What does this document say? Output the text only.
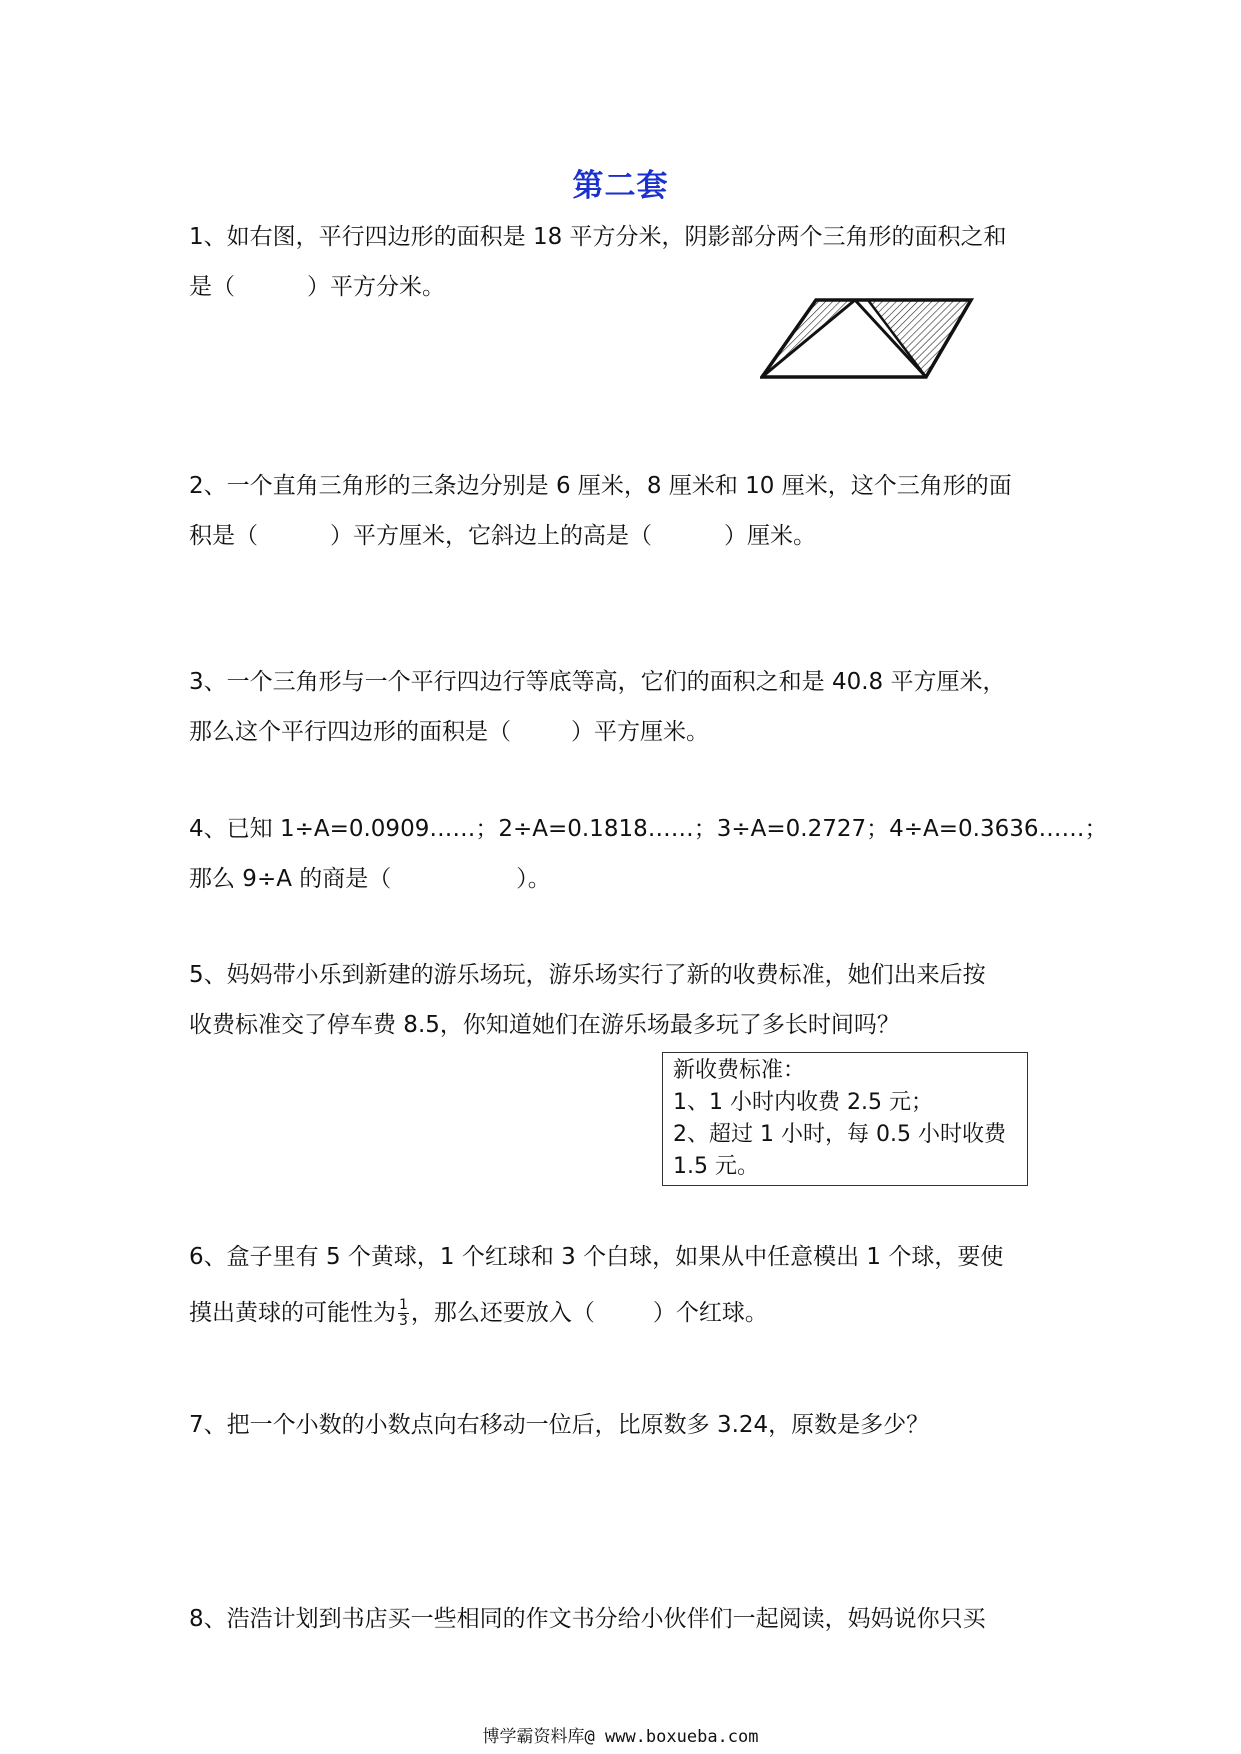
第二套
1、如右图，平行四边形的面积是 18 平方分米，阴影部分两个三角形的面积之和
是（	）平方分米。
2、一个直角三角形的三条边分别是 6 厘米，8 厘米和 10 厘米，这个三角形的面
积是（	）平方厘米，它斜边上的高是（	）厘米。
3、一个三角形与一个平行四边行等底等高，它们的面积之和是 40.8 平方厘米，
那么这个平行四边形的面积是（	）平方厘米。
4、已知 1÷A=0.0909……；2÷A=0.1818……；3÷A=0.2727；4÷A=0.3636……；
那么 9÷A 的商是（	）。
5、妈妈带小乐到新建的游乐场玩，游乐场实行了新的收费标准，她们出来后按
收费标准交了停车费 8.5，你知道她们在游乐场最多玩了多长时间吗？
新收费标准：
1、1 小时内收费 2.5 元；
2、超过 1 小时，每 0.5 小时收费
1.5 元。
6、盒子里有 5 个黄球，1 个红球和 3 个白球，如果从中任意模出 1 个球，要使
摸出黄球的可能性为 $\frac{1}{3}$ ，那么还要放入（	）个红球。
7、把一个小数的小数点向右移动一位后，比原数多 3.24，原数是多少？
8、浩浩计划到书店买一些相同的作文书分给小伙伴们一起阅读，妈妈说你只买
博学霸资料库@ www.boxueba.com
